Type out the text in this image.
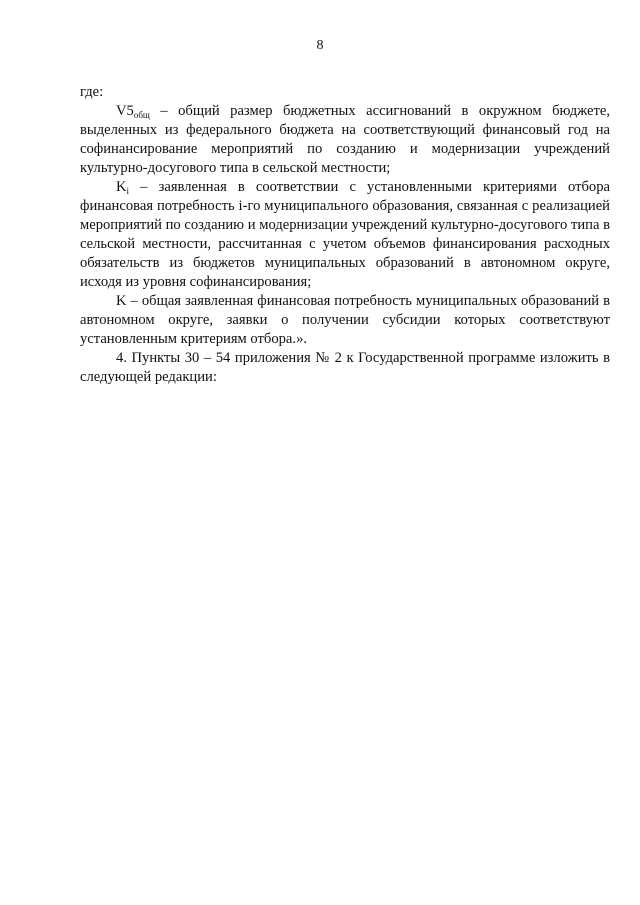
8

где:

$V5_{общ}$ – общий размер бюджетных ассигнований в окружном бюджете, выделенных из федерального бюджета на соответствующий финансовый год на софинансирование мероприятий по созданию и модернизации учреждений культурно-досугового типа в сельской местности;

$K_i$ – заявленная в соответствии с установленными критериями отбора финансовая потребность i-го муниципального образования, связанная с реализацией мероприятий по созданию и модернизации учреждений культурно-досугового типа в сельской местности, рассчитанная с учетом объемов финансирования расходных обязательств из бюджетов муниципальных образований в автономном округе, исходя из уровня софинансирования;

K – общая заявленная финансовая потребность муниципальных образований в автономном округе, заявки о получении субсидии которых соответствуют установленным критериям отбора.».

4. Пункты 30 – 54 приложения № 2 к Государственной программе изложить в следующей редакции:
